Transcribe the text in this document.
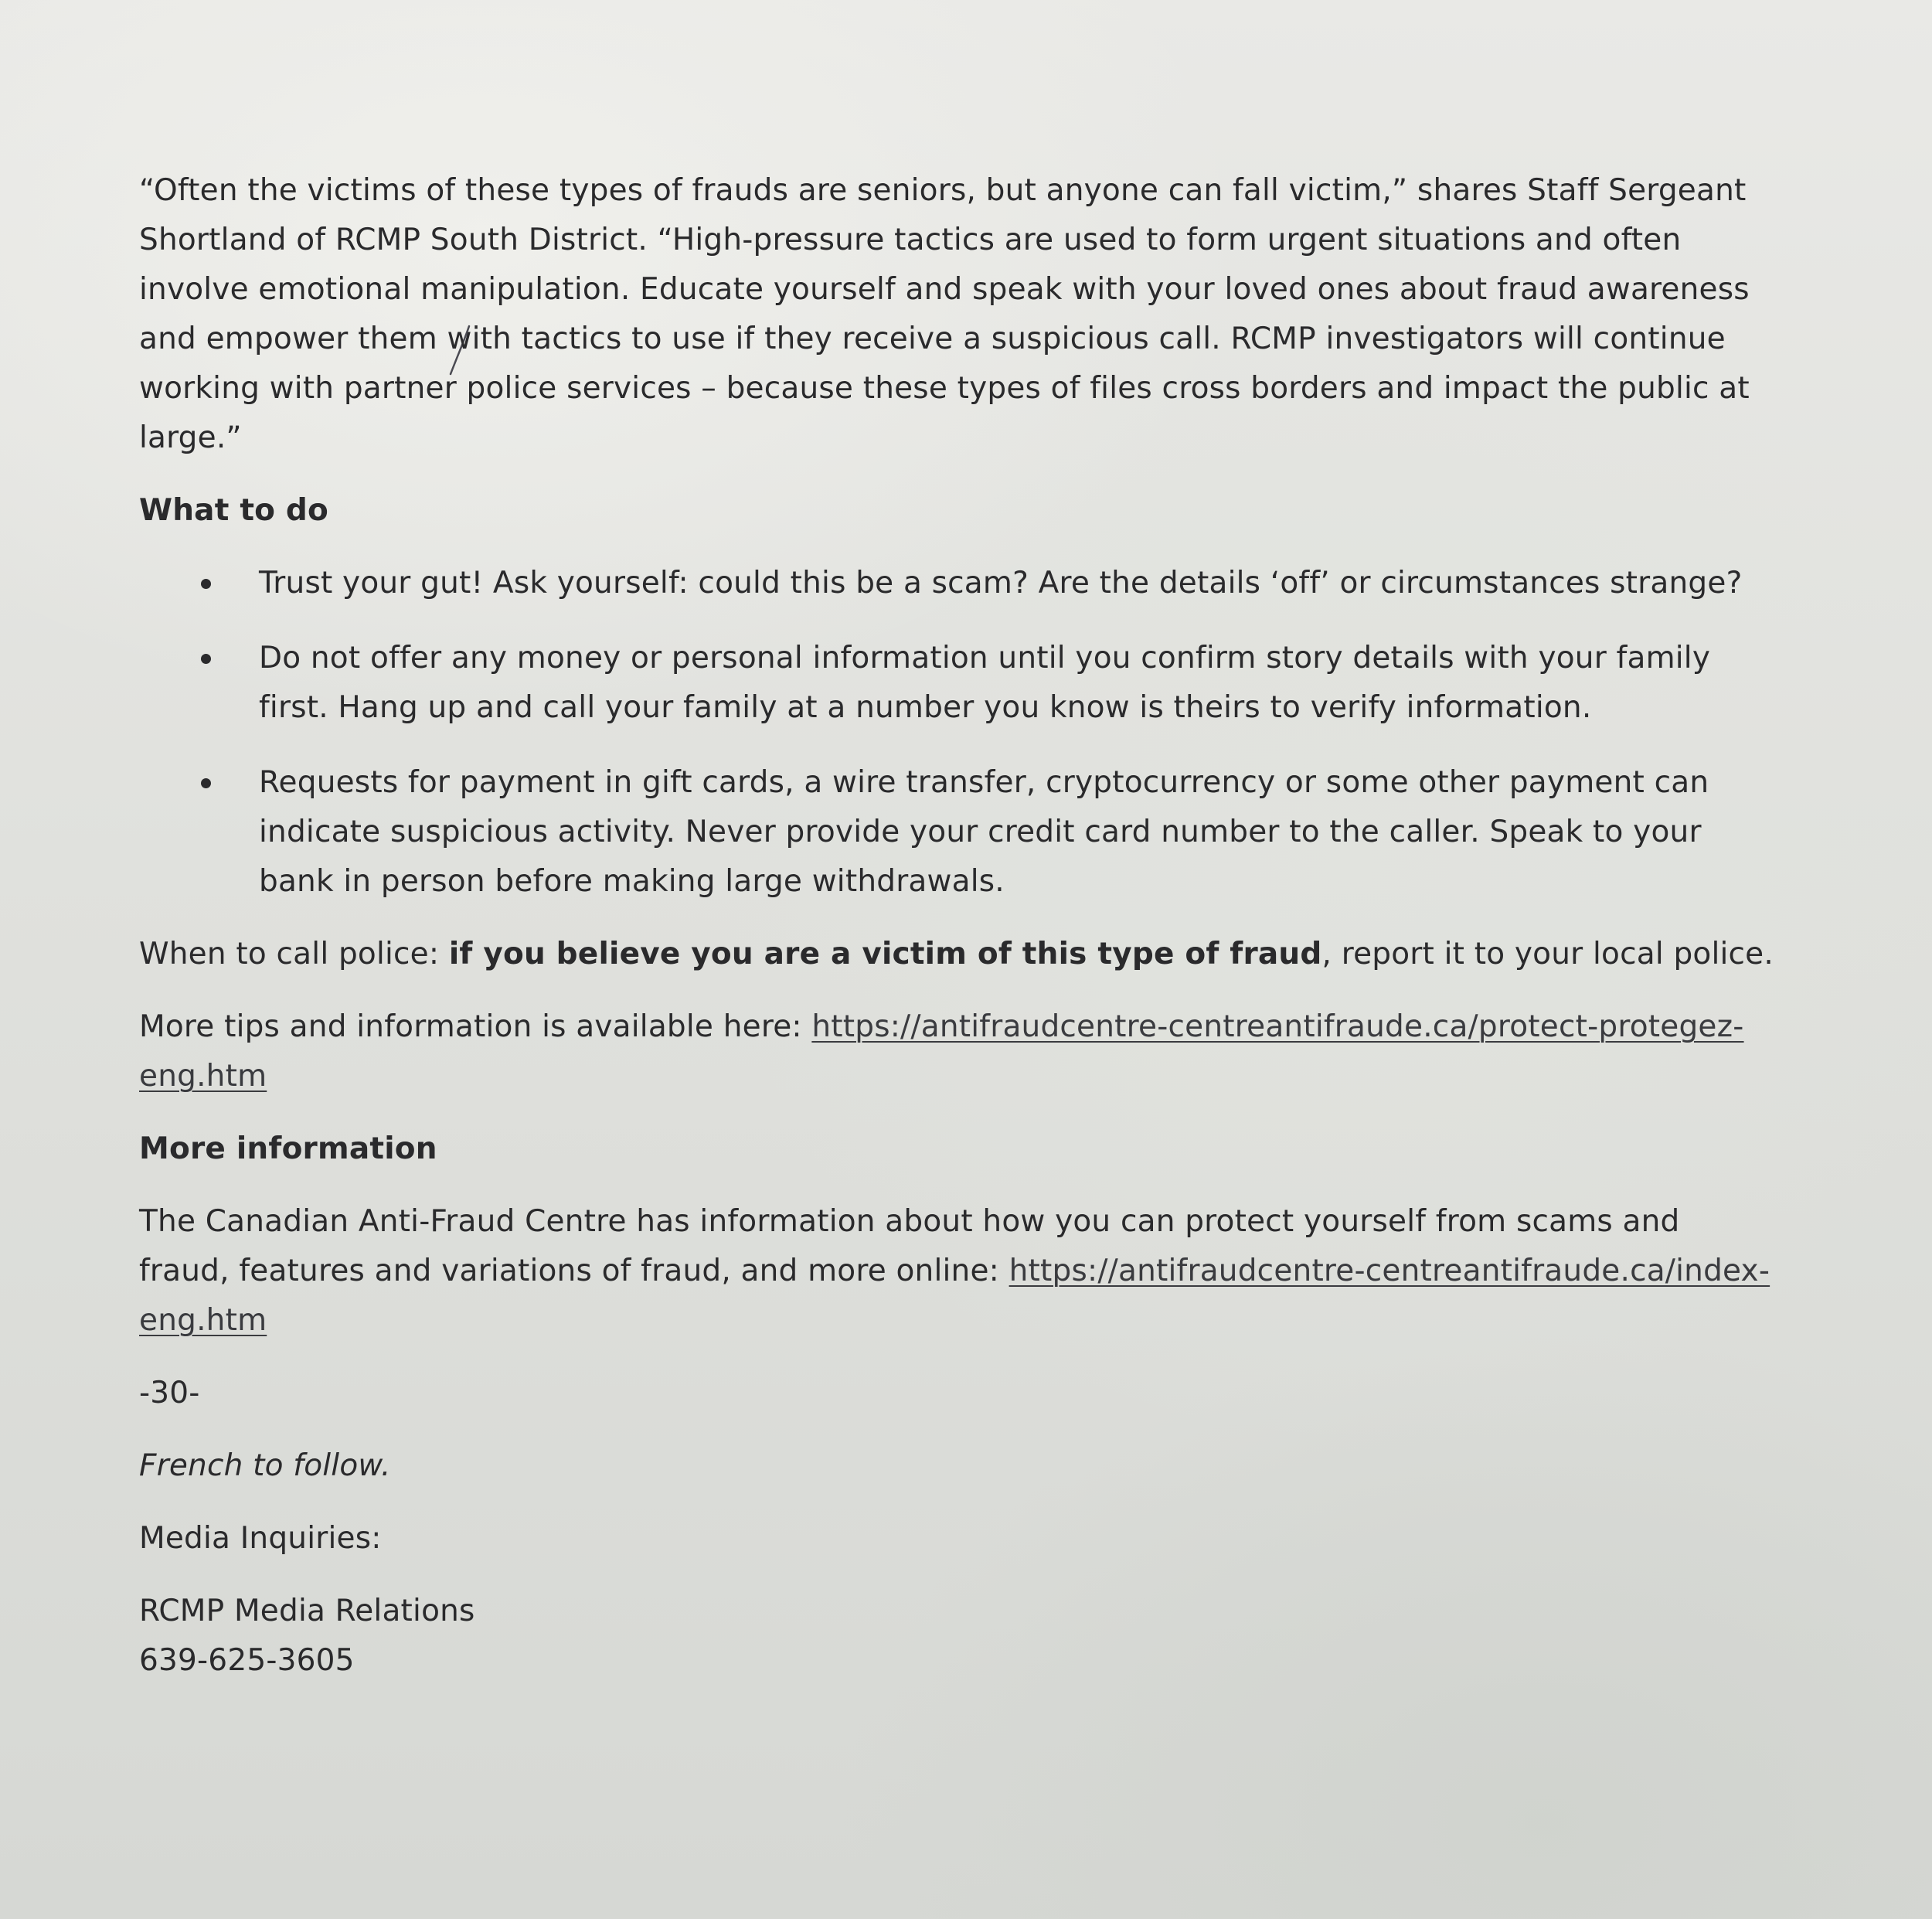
“Often the victims of these types of frauds are seniors, but anyone can fall victim,” shares Staff Sergeant Shortland of RCMP South District. “High-pressure tactics are used to form urgent situations and often involve emotional manipulation. Educate yourself and speak with your loved ones about fraud awareness and empower them with tactics to use if they receive a suspicious call. RCMP investigators will continue working with partner police services – because these types of files cross borders and impact the public at large.”

What to do

Trust your gut! Ask yourself: could this be a scam? Are the details ‘off’ or circumstances strange?
Do not offer any money or personal information until you confirm story details with your family first. Hang up and call your family at a number you know is theirs to verify information.
Requests for payment in gift cards, a wire transfer, cryptocurrency or some other payment can indicate suspicious activity. Never provide your credit card number to the caller. Speak to your bank in person before making large withdrawals.

When to call police: if you believe you are a victim of this type of fraud, report it to your local police.

More tips and information is available here: https://antifraudcentre-centreantifraude.ca/protect-protegez-eng.htm

More information

The Canadian Anti-Fraud Centre has information about how you can protect yourself from scams and fraud, features and variations of fraud, and more online: https://antifraudcentre-centreantifraude.ca/index-eng.htm

-30-

French to follow.

Media Inquiries:

RCMP Media Relations

639-625-3605
